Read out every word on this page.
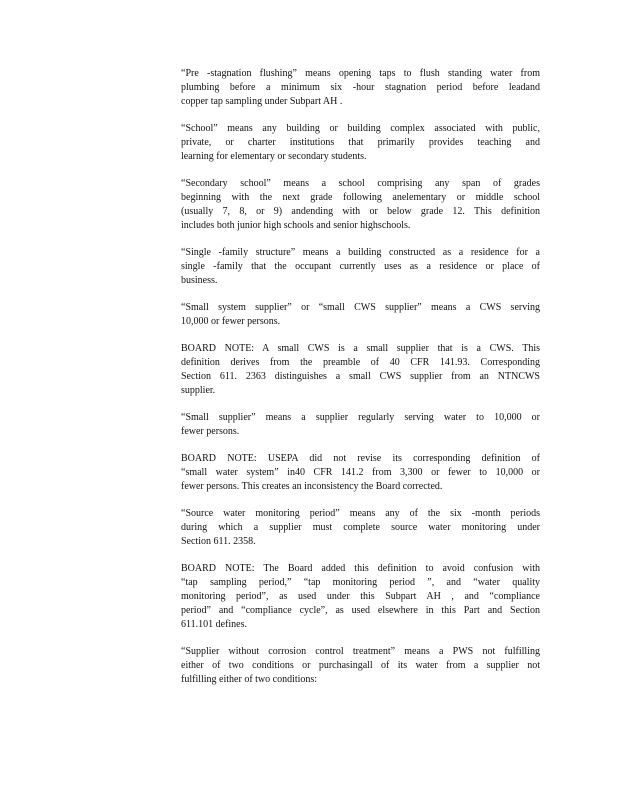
“Pre -stagnation flushing” means opening taps to flush standing water from
plumbing before a minimum six -hour stagnation period before leadand
copper tap sampling under Subpart AH .

“School” means any building or building complex associated with public,
private, or charter institutions that primarily provides teaching and
learning for elementary or secondary students.

“Secondary school” means a school comprising any span of grades
beginning with the next grade following anelementary or middle school
(usually 7, 8, or 9) andending with or below grade 12. This definition
includes both junior high schools and senior highschools.

“Single -family structure” means a building constructed as a residence for a
single -family that the occupant currently uses as a residence or place of
business.

“Small system supplier” or “small CWS supplier” means a CWS serving
10,000 or fewer persons.

BOARD NOTE: A small CWS is a small supplier that is a CWS. This
definition derives from the preamble of 40 CFR 141.93. Corresponding
Section 611. 2363 distinguishes a small CWS supplier from an NTNCWS
supplier.

“Small supplier” means a supplier regularly serving water to 10,000 or
fewer persons.

BOARD NOTE: USEPA did not revise its corresponding definition of
“small water system” in40 CFR 141.2 from 3,300 or fewer to 10,000 or
fewer persons. This creates an inconsistency the Board corrected.

“Source water monitoring period” means any of the six -month periods
during which a supplier must complete source water monitoring under
Section 611. 2358.

BOARD NOTE: The Board added this definition to avoid confusion with
“tap sampling period,” “tap monitoring period ”, and “water quality
monitoring period”, as used under this Subpart AH , and “compliance
period” and “compliance cycle”, as used elsewhere in this Part and Section
611.101 defines.

“Supplier without corrosion control treatment” means a PWS not fulfilling
either of two conditions or purchasingall of its water from a supplier not
fulfilling either of two conditions:
